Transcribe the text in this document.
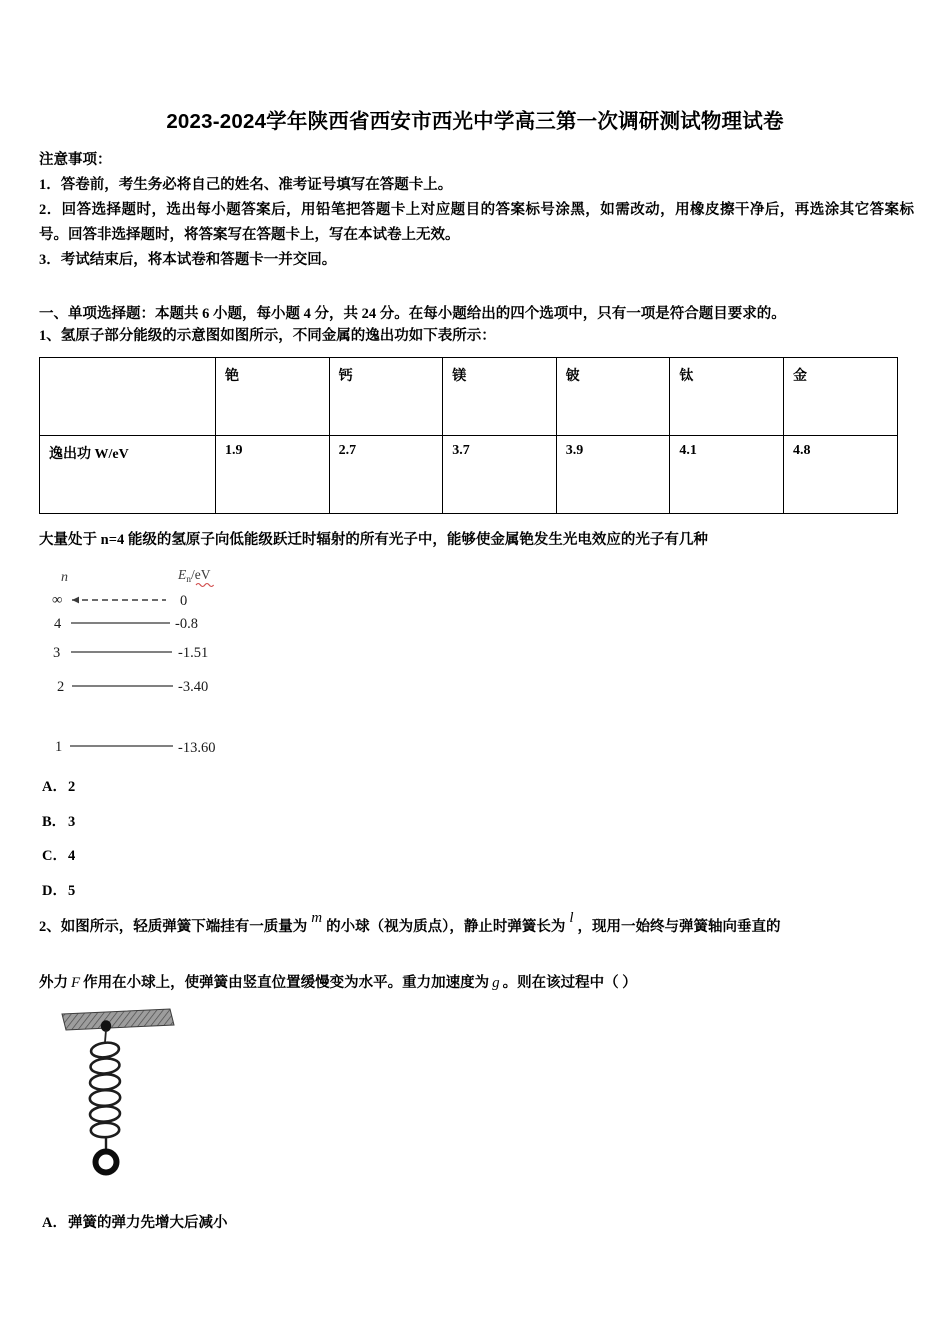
2023-2024学年陕西省西安市西光中学高三第一次调研测试物理试卷
注意事项：
1．答卷前，考生务必将自己的姓名、准考证号填写在答题卡上。
2．回答选择题时，选出每小题答案后，用铅笔把答题卡上对应题目的答案标号涂黑，如需改动，用橡皮擦干净后，再选涂其它答案标号。回答非选择题时，将答案写在答题卡上，写在本试卷上无效。
3．考试结束后，将本试卷和答题卡一并交回。
一、单项选择题：本题共 6 小题，每小题 4 分，共 24 分。在每小题给出的四个选项中，只有一项是符合题目要求的。
1、氢原子部分能级的示意图如图所示，不同金属的逸出功如下表所示：
	铯	钙	镁	铍	钛	金
逸出功 W/eV	1.9	2.7	3.7	3.9	4.1	4.8
大量处于 n=4 能级的氢原子向低能级跃迁时辐射的所有光子中，能够使金属铯发生光电效应的光子有几种
n	$E_n/eV$
∞	0
4	-0.8
3	-1.51
2	-3.40
1	-13.60
A．2
B． 3
C．4
D．5
2、如图所示，轻质弹簧下端挂有一质量为m的小球（视为质点），静止时弹簧长为l，现用一始终与弹簧轴向垂直的
外力 F 作用在小球上，使弹簧由竖直位置缓慢变为水平。重力加速度为 g 。则在该过程中（ ）
A．弹簧的弹力先增大后减小
